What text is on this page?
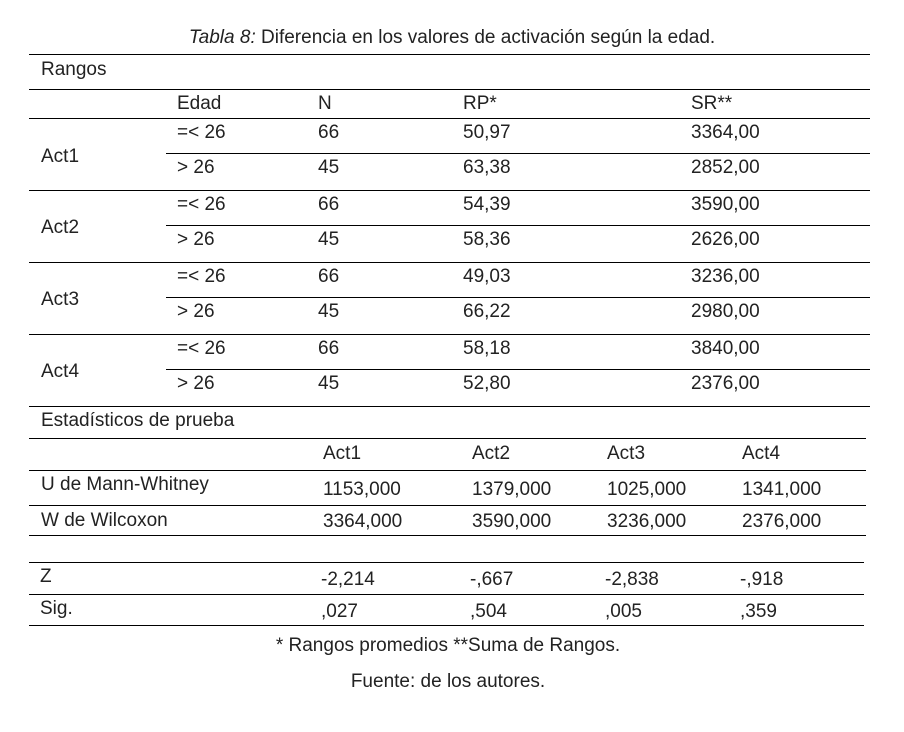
Tabla 8: Diferencia en los valores de activación según la edad.
Rangos
Edad	N	RP*	SR**
Act1
=< 26	66	50,97	3364,00
> 26	45	63,38	2852,00
Act2
=< 26	66	54,39	3590,00
> 26	45	58,36	2626,00
Act3
=< 26	66	49,03	3236,00
> 26	45	66,22	2980,00
Act4
=< 26	66	58,18	3840,00
> 26	45	52,80	2376,00
Estadísticos de prueba
Act1	Act2	Act3	Act4
U de Mann-Whitney	1153,000	1379,000	1025,000	1341,000
W de Wilcoxon	3364,000	3590,000	3236,000	2376,000
Z	-2,214	-,667	-2,838	-,918
Sig.	,027	,504	,005	,359
* Rangos promedios **Suma de Rangos.
Fuente: de los autores.
